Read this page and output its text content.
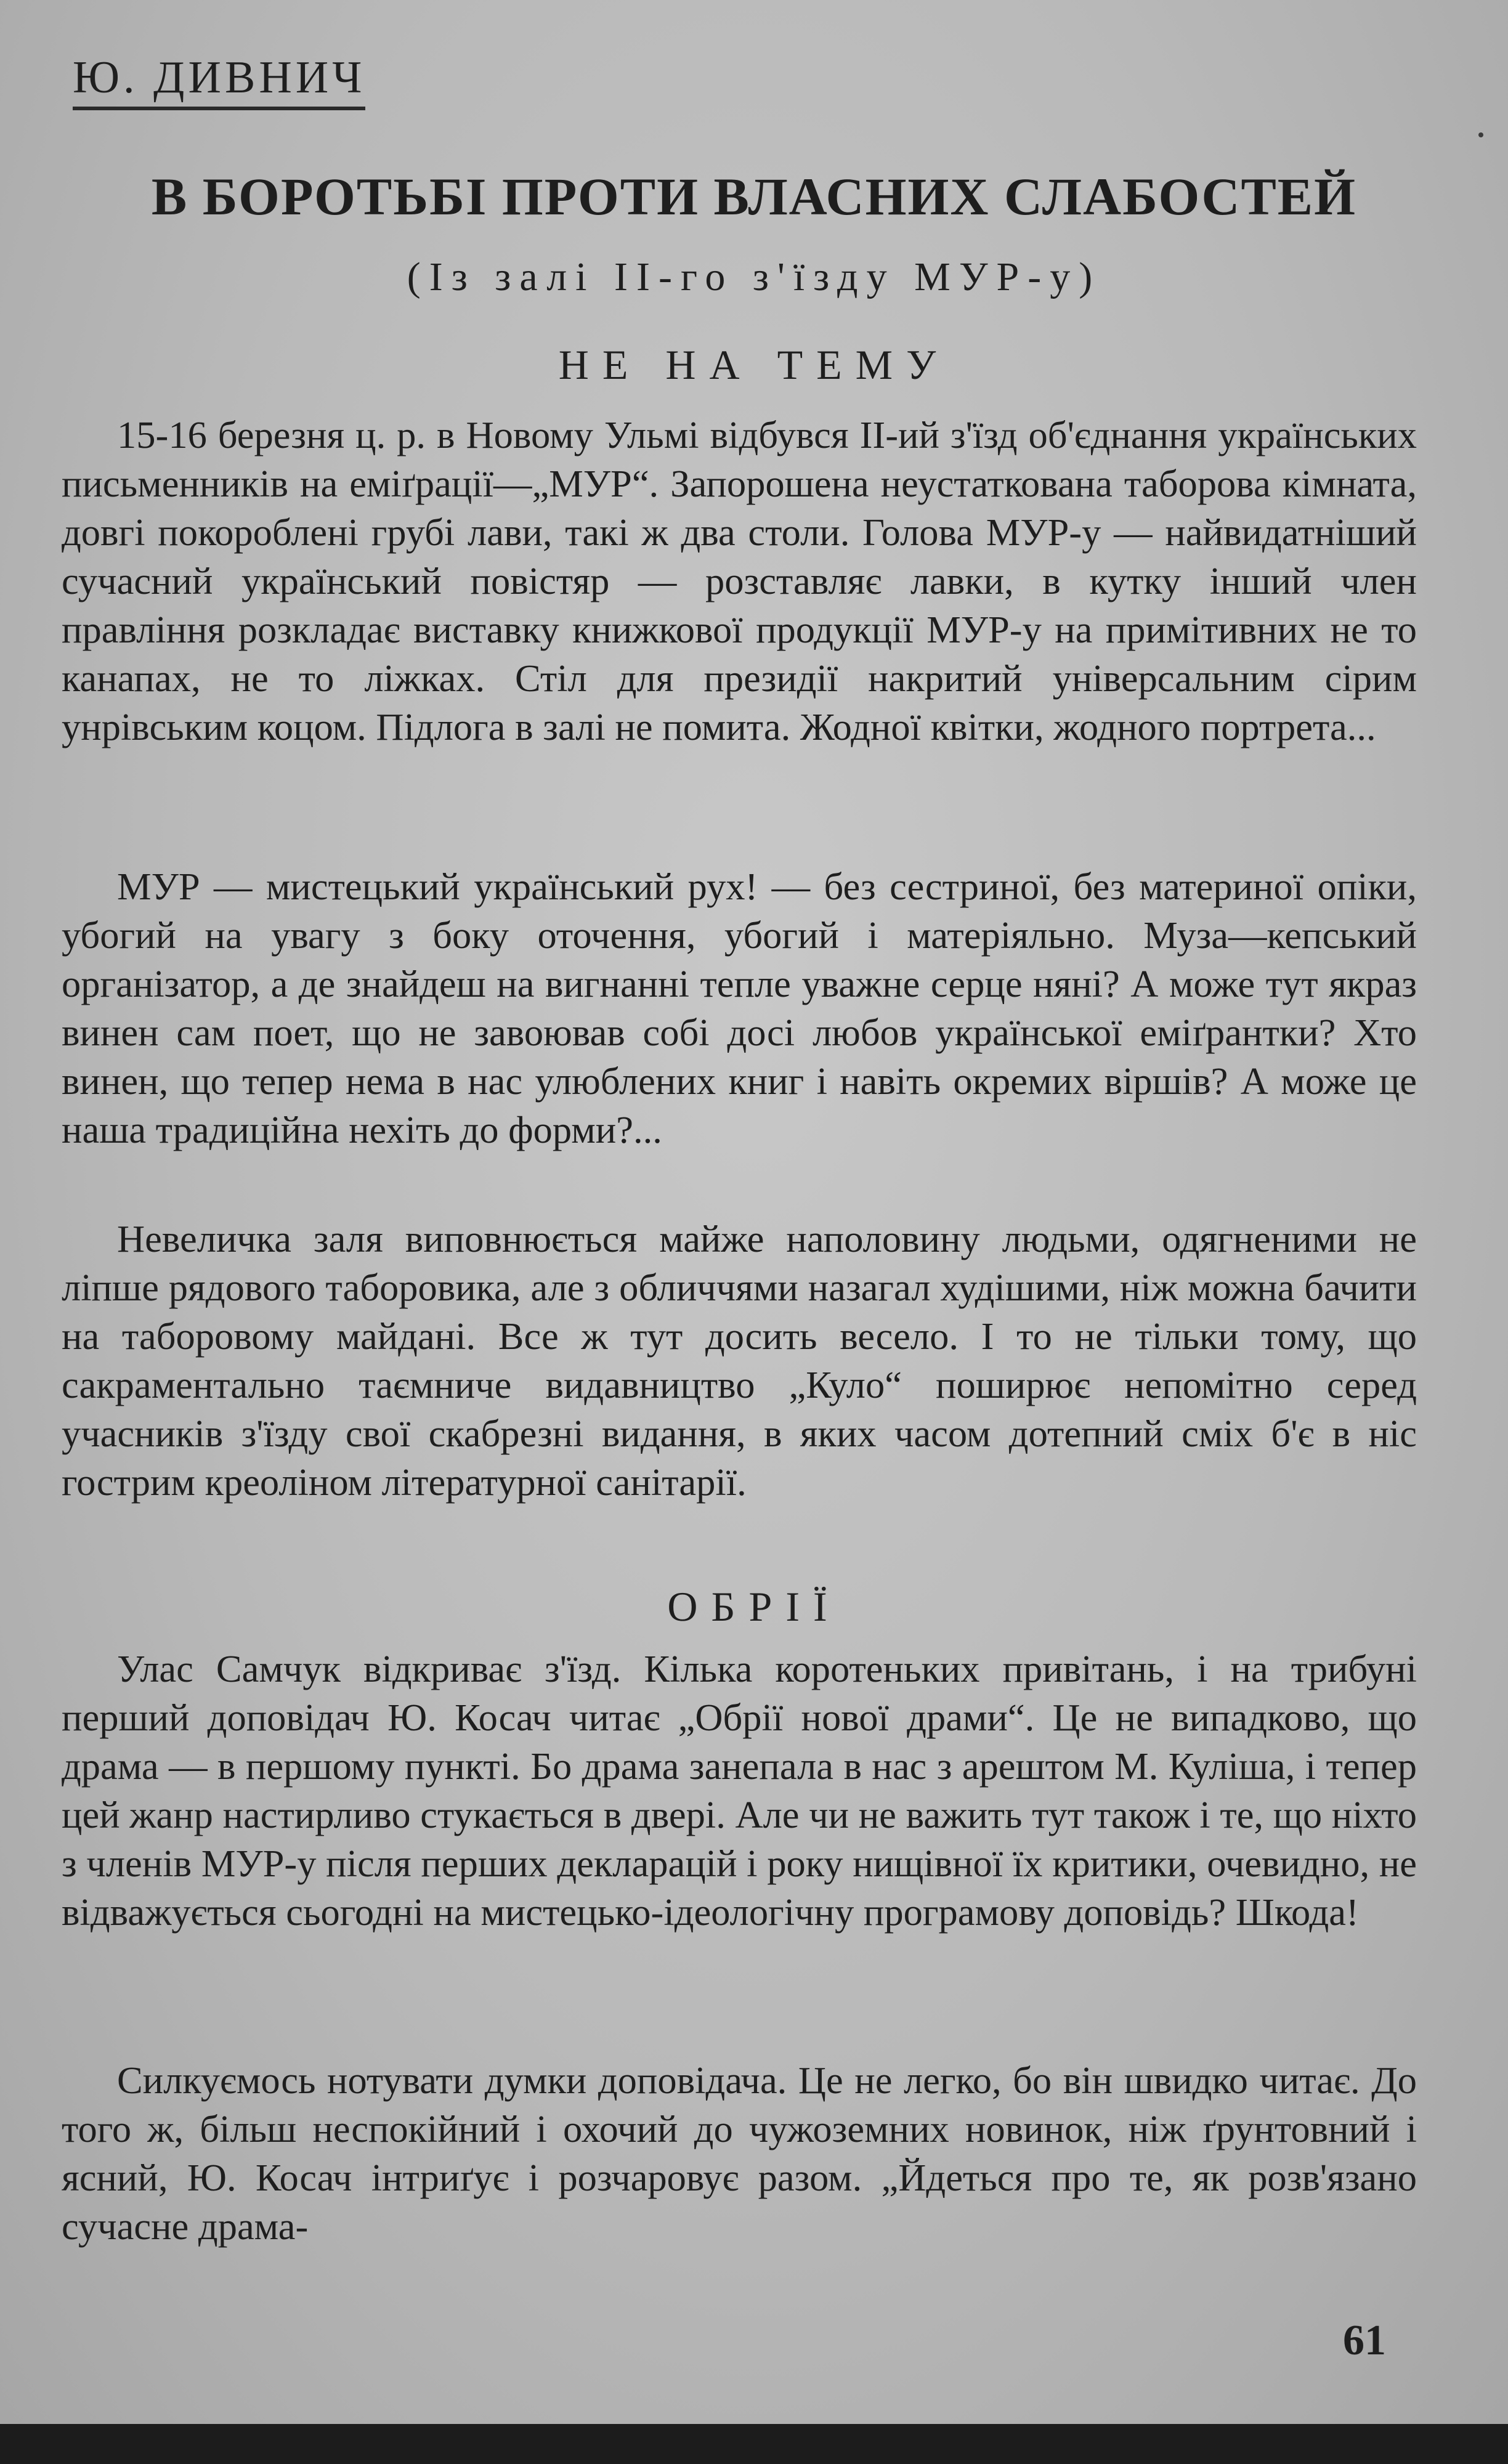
Ю. ДИВНИЧ
В БОРОТЬБІ ПРОТИ ВЛАСНИХ СЛАБОСТЕЙ
(Із залі ІІ-го з'їзду МУР-у)
НЕ НА ТЕМУ
15-16 березня ц. р. в Новому Ульмі відбувся ІІ-ий з'їзд об'єднання українських письменників на еміґрації—„МУР“. Запорошена неустаткована таборова кімната, довгі покороблені грубі лави, такі ж два столи. Голова МУР-у — найвидатніший сучасний український повістяр — розставляє лавки, в кутку інший член правління розкладає виставку книжкової продукції МУР-у на примітивних не то канапах, не то ліжках. Стіл для президії накритий універсальним сірим унрівським коцом. Підлога в залі не помита. Жодної квітки, жодного портрета...
МУР — мистецький український рух! — без сестриної, без материної опіки, убогий на увагу з боку оточення, убогий і матеріяльно. Муза—кепський організатор, а де знайдеш на вигнанні тепле уважне серце няні? А може тут якраз винен сам поет, що не завоював собі досі любов української еміґрантки? Хто винен, що тепер нема в нас улюблених книг і навіть окремих віршів? А може це наша традиційна нехіть до форми?...
Невеличка заля виповнюється майже наполовину людьми, одягненими не ліпше рядового таборовика, але з обличчями назагал худішими, ніж можна бачити на таборовому майдані. Все ж тут досить весело. І то не тільки тому, що сакраментально таємниче видавництво „Куло“ поширює непомітно серед учасників з'їзду свої скабрезні видання, в яких часом дотепний сміх б'є в ніс гострим креоліном літературної санітарії.
ОБРІЇ
Улас Самчук відкриває з'їзд. Кілька коротеньких привітань, і на трибуні перший доповідач Ю. Косач читає „Обрії нової драми“. Це не випадково, що драма — в першому пункті. Бо драма занепала в нас з арештом М. Куліша, і тепер цей жанр настирливо стукається в двері. Але чи не важить тут також і те, що ніхто з членів МУР-у після перших декларацій і року нищівної їх критики, очевидно, не відважується сьогодні на мистецько-ідеологічну програмову доповідь? Шкода!
Силкуємось нотувати думки доповідача. Це не легко, бо він швидко читає. До того ж, більш неспокійний і охочий до чужоземних новинок, ніж ґрунтовний і ясний, Ю. Косач інтриґує і розчаровує разом. „Йдеться про те, як розв'язано сучасне драма-
61
